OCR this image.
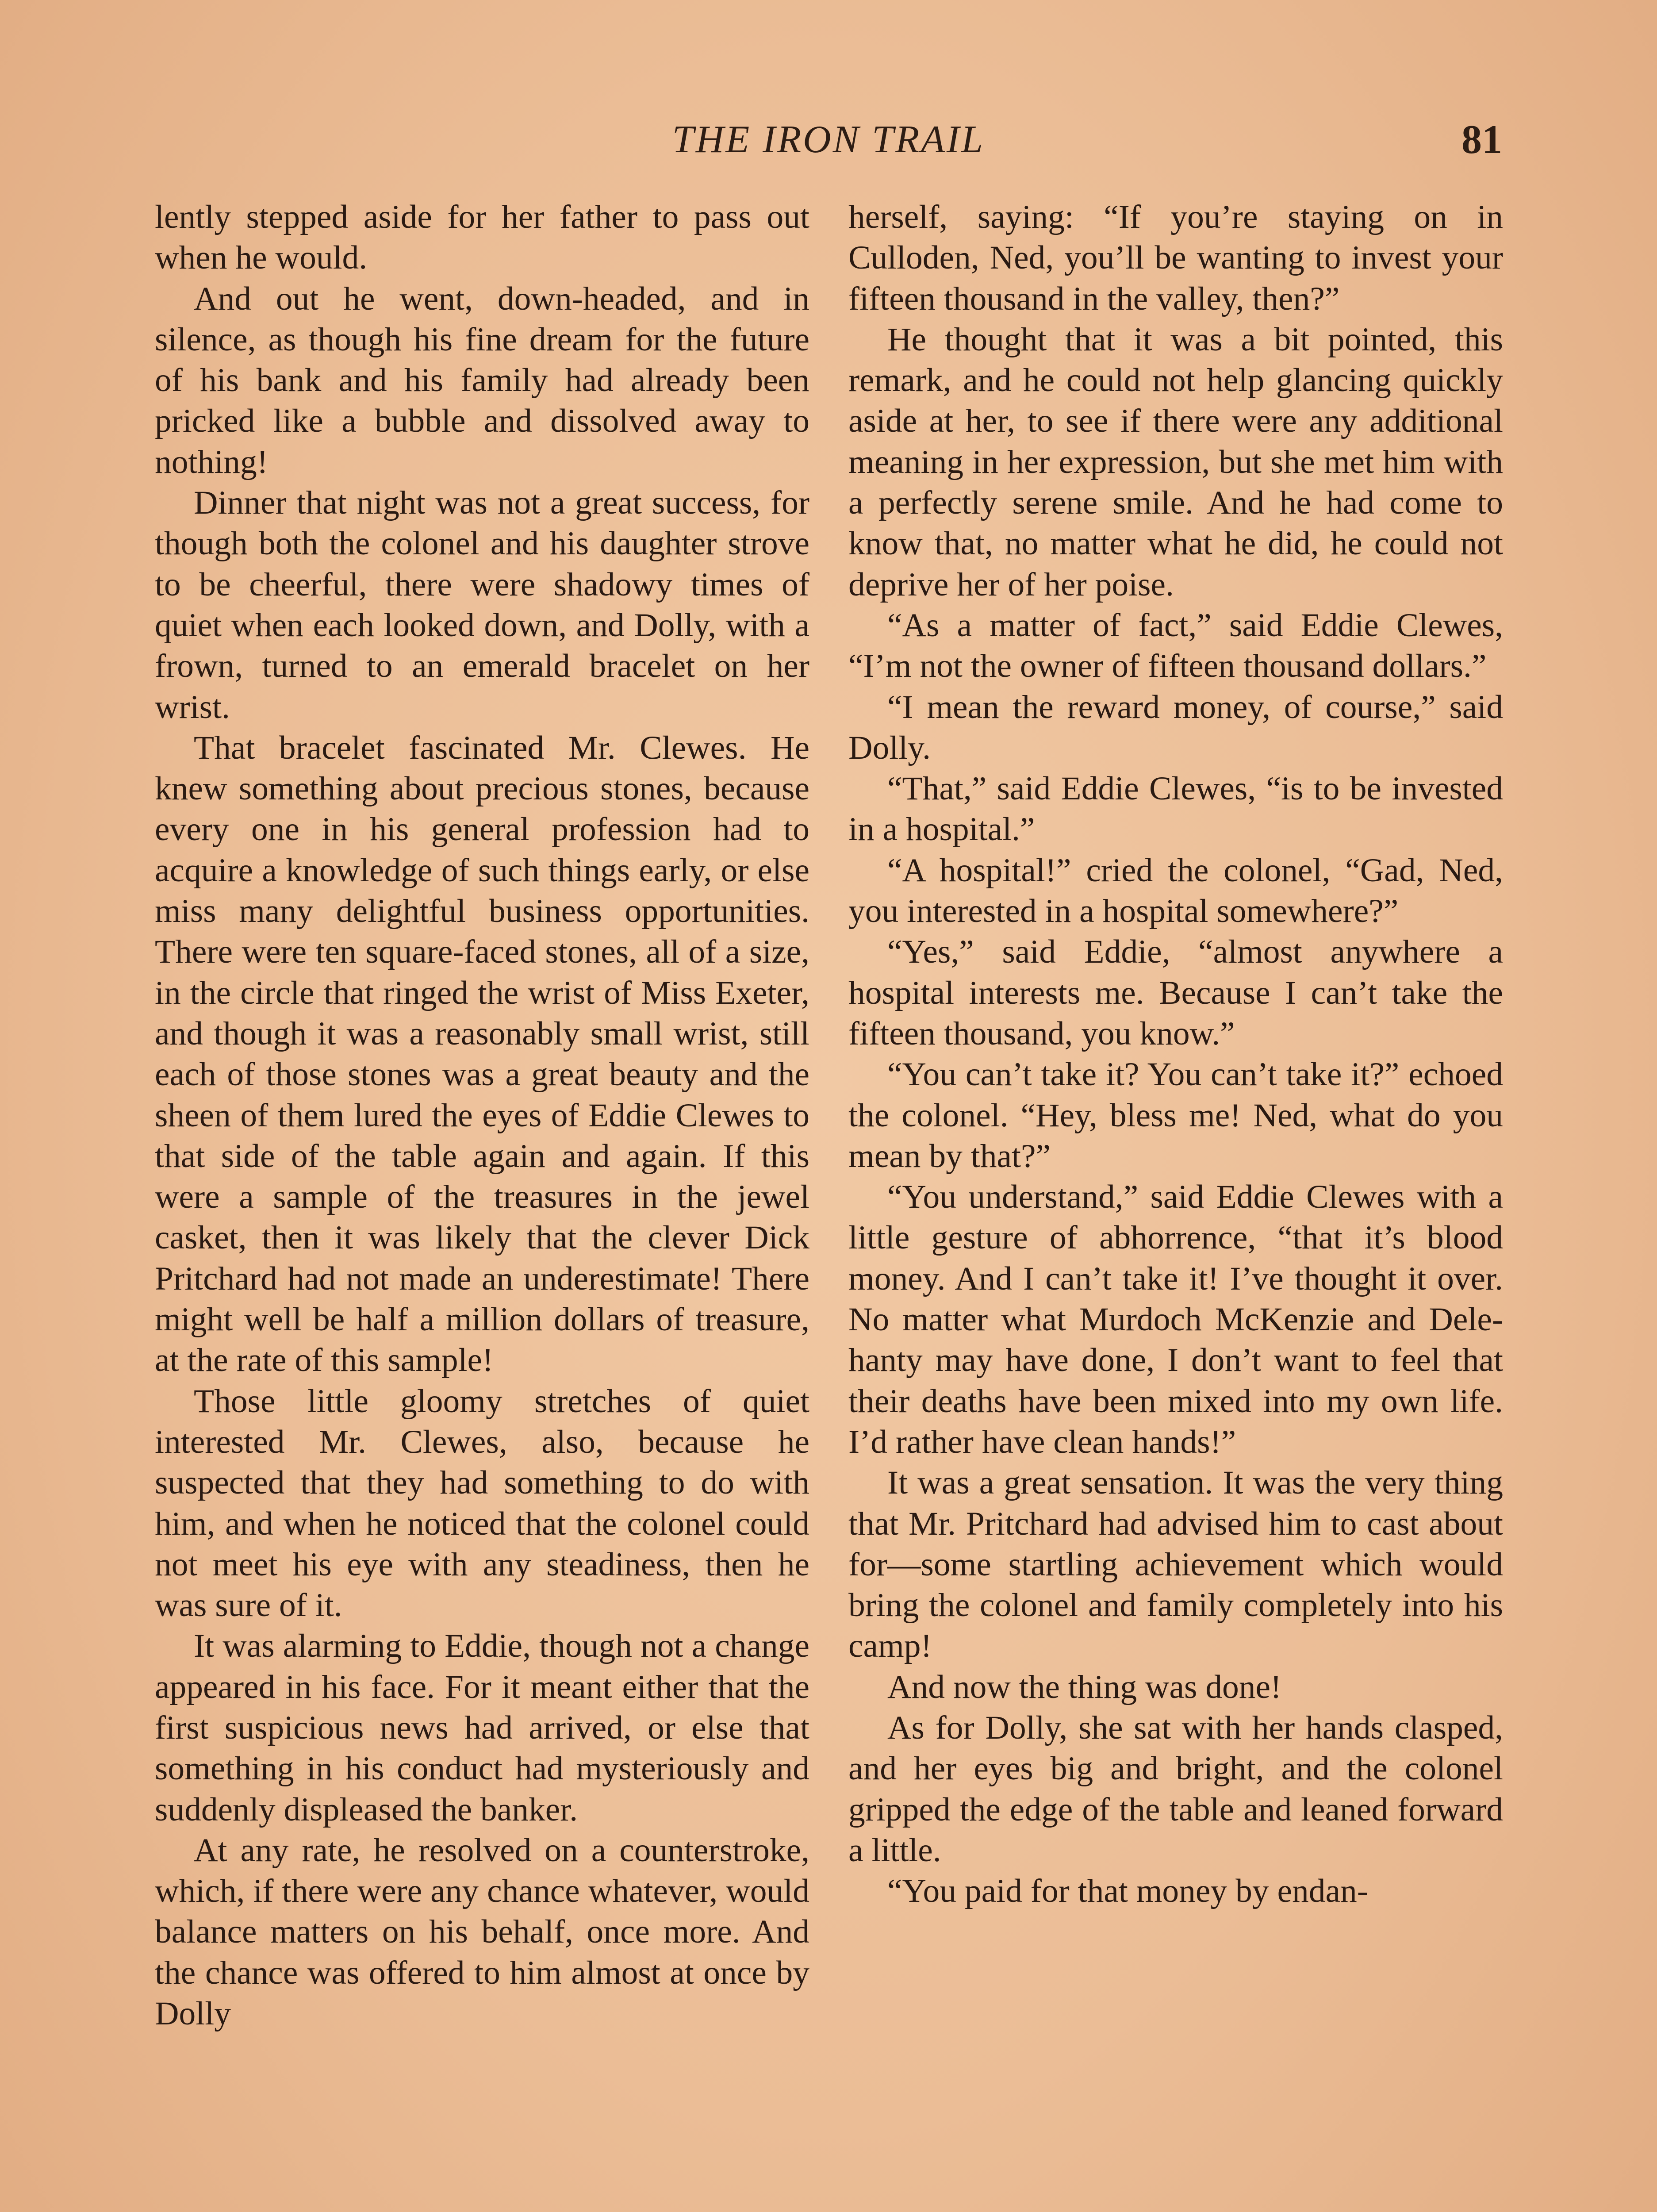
THE IRON TRAIL	81

lently stepped aside for her father to pass out when he would.

And out he went, down-headed, and in silence, as though his fine dream for the future of his bank and his family had already been pricked like a bubble and dissolved away to nothing!

Dinner that night was not a great success, for though both the colonel and his daughter strove to be cheerful, there were shadowy times of quiet when each looked down, and Dolly, with a frown, turned to an emerald bracelet on her wrist.

That bracelet fascinated Mr. Clewes. He knew something about precious stones, because every one in his general profession had to acquire a knowledge of such things early, or else miss many delightful business opportunities. There were ten square-faced stones, all of a size, in the circle that ringed the wrist of Miss Exeter, and though it was a reasonably small wrist, still each of those stones was a great beauty and the sheen of them lured the eyes of Eddie Clewes to that side of the table again and again. If this were a sample of the treasures in the jewel casket, then it was likely that the clever Dick Pritchard had not made an underestimate! There might well be half a million dollars of treasure, at the rate of this sample!

Those little gloomy stretches of quiet interested Mr. Clewes, also, because he suspected that they had something to do with him, and when he noticed that the colonel could not meet his eye with any steadiness, then he was sure of it.

It was alarming to Eddie, though not a change appeared in his face. For it meant either that the first suspicious news had arrived, or else that something in his conduct had mysteriously and suddenly displeased the banker.

At any rate, he resolved on a counterstroke, which, if there were any chance whatever, would balance matters on his behalf, once more. And the chance was offered to him almost at once by Dolly

herself, saying: “If you’re staying on in Culloden, Ned, you’ll be wanting to invest your fifteen thousand in the valley, then?”

He thought that it was a bit pointed, this remark, and he could not help glancing quickly aside at her, to see if there were any additional meaning in her expression, but she met him with a perfectly serene smile. And he had come to know that, no matter what he did, he could not deprive her of her poise.

“As a matter of fact,” said Eddie Clewes, “I’m not the owner of fifteen thousand dollars.”

“I mean the reward money, of course,” said Dolly.

“That,” said Eddie Clewes, “is to be invested in a hospital.”

“A hospital!” cried the colonel, “Gad, Ned, you interested in a hospital somewhere?”

“Yes,” said Eddie, “almost anywhere a hospital interests me. Because I can’t take the fifteen thousand, you know.”

“You can’t take it? You can’t take it?” echoed the colonel. “Hey, bless me! Ned, what do you mean by that?”

“You understand,” said Eddie Clewes with a little gesture of abhorrence, “that it’s blood money. And I can’t take it! I’ve thought it over. No matter what Murdoch McKenzie and Delehanty may have done, I don’t want to feel that their deaths have been mixed into my own life. I’d rather have clean hands!”

It was a great sensation. It was the very thing that Mr. Pritchard had advised him to cast about for—some startling achievement which would bring the colonel and family completely into his camp!

And now the thing was done!

As for Dolly, she sat with her hands clasped, and her eyes big and bright, and the colonel gripped the edge of the table and leaned forward a little.

“You paid for that money by endan-
